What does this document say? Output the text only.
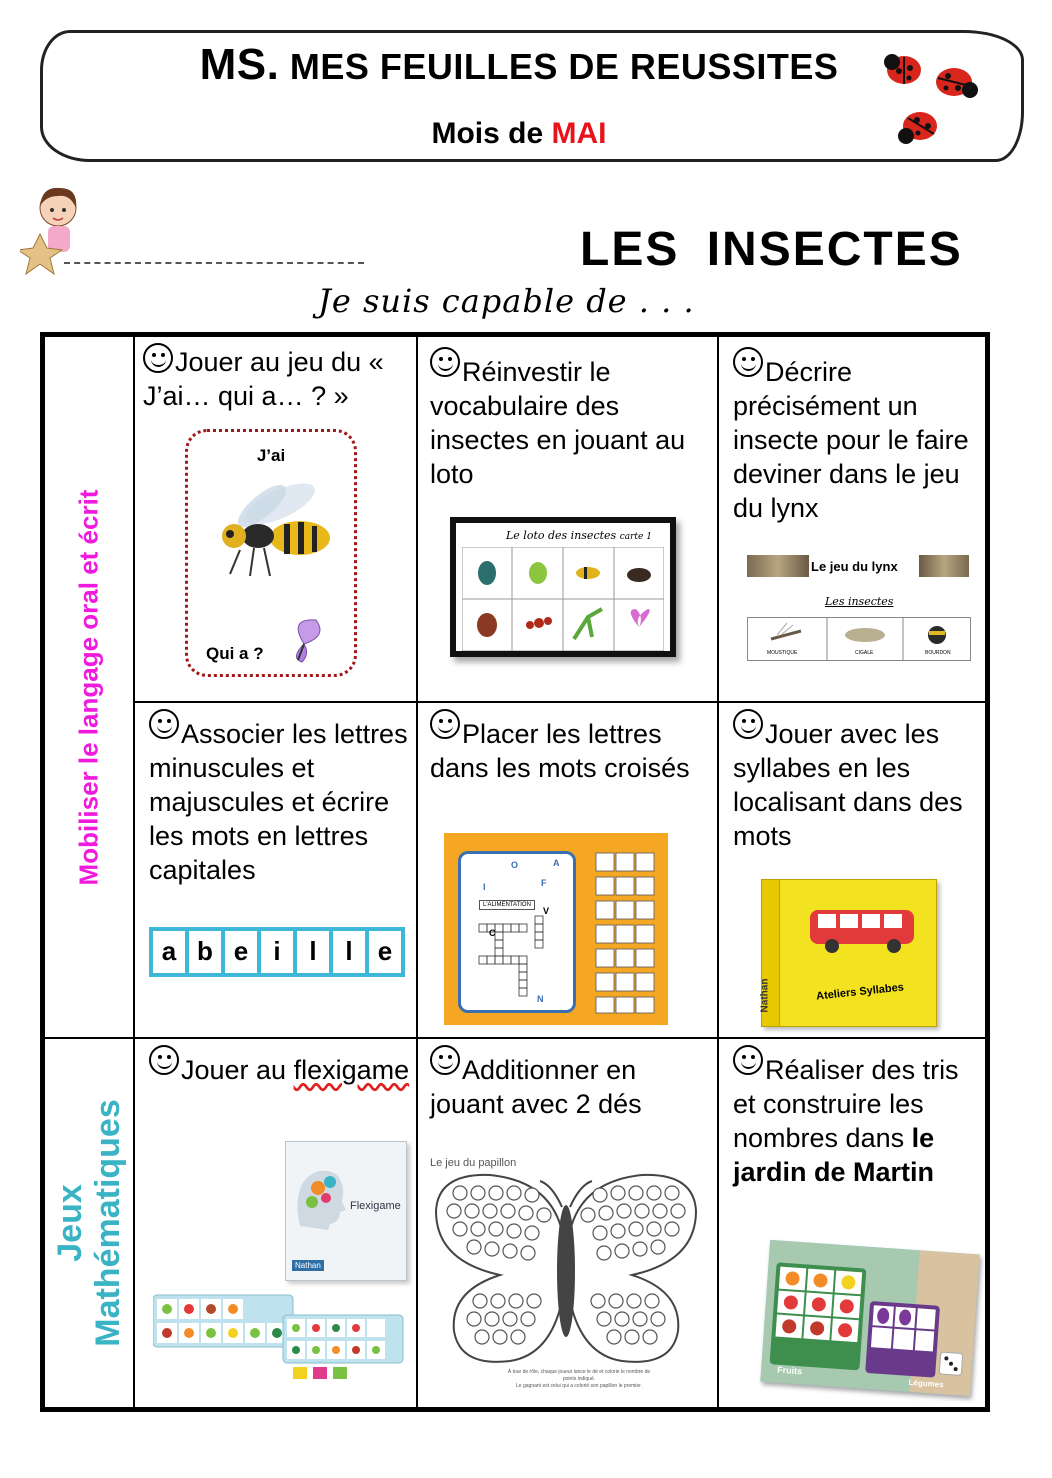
MS. MES FEUILLES DE REUSSITES
Mois de MAI
LES INSECTES
Je suis capable de . . .
Mobiliser le langage oral et écrit
Jeux Mathématiques
Jouer au jeu du « J’ai… qui a… ? »
J’ai
Qui a ?
Réinvestir le vocabulaire des insectes en jouant au loto
Le loto des insectes carte 1
Décrire précisément un insecte pour le faire deviner dans le jeu du lynx
Le jeu du lynx
Les insectes
MOUSTIQUE	CIGALE	BOURDON
Associer les lettres minuscules et majuscules et écrire les mots en lettres capitales
a b e i	l	l e
Placer les lettres dans les mots croisés
L'ALIMENTATION
O	A
I	F
V
C
N
Jouer avec les syllabes en les localisant dans des mots
Nathan	Ateliers Syllabes
Jouer au flexigame
Flexigame
Nathan
Additionner en jouant avec 2 dés
Le jeu du papillon
À tour de rôle, chaque joueur lance le dé et colorie le nombre de points indiqué.
Le gagnant est celui qui a colorié son papillon le premier.
Réaliser des tris et construire les nombres dans le jardin de Martin
Fruits
Légumes
